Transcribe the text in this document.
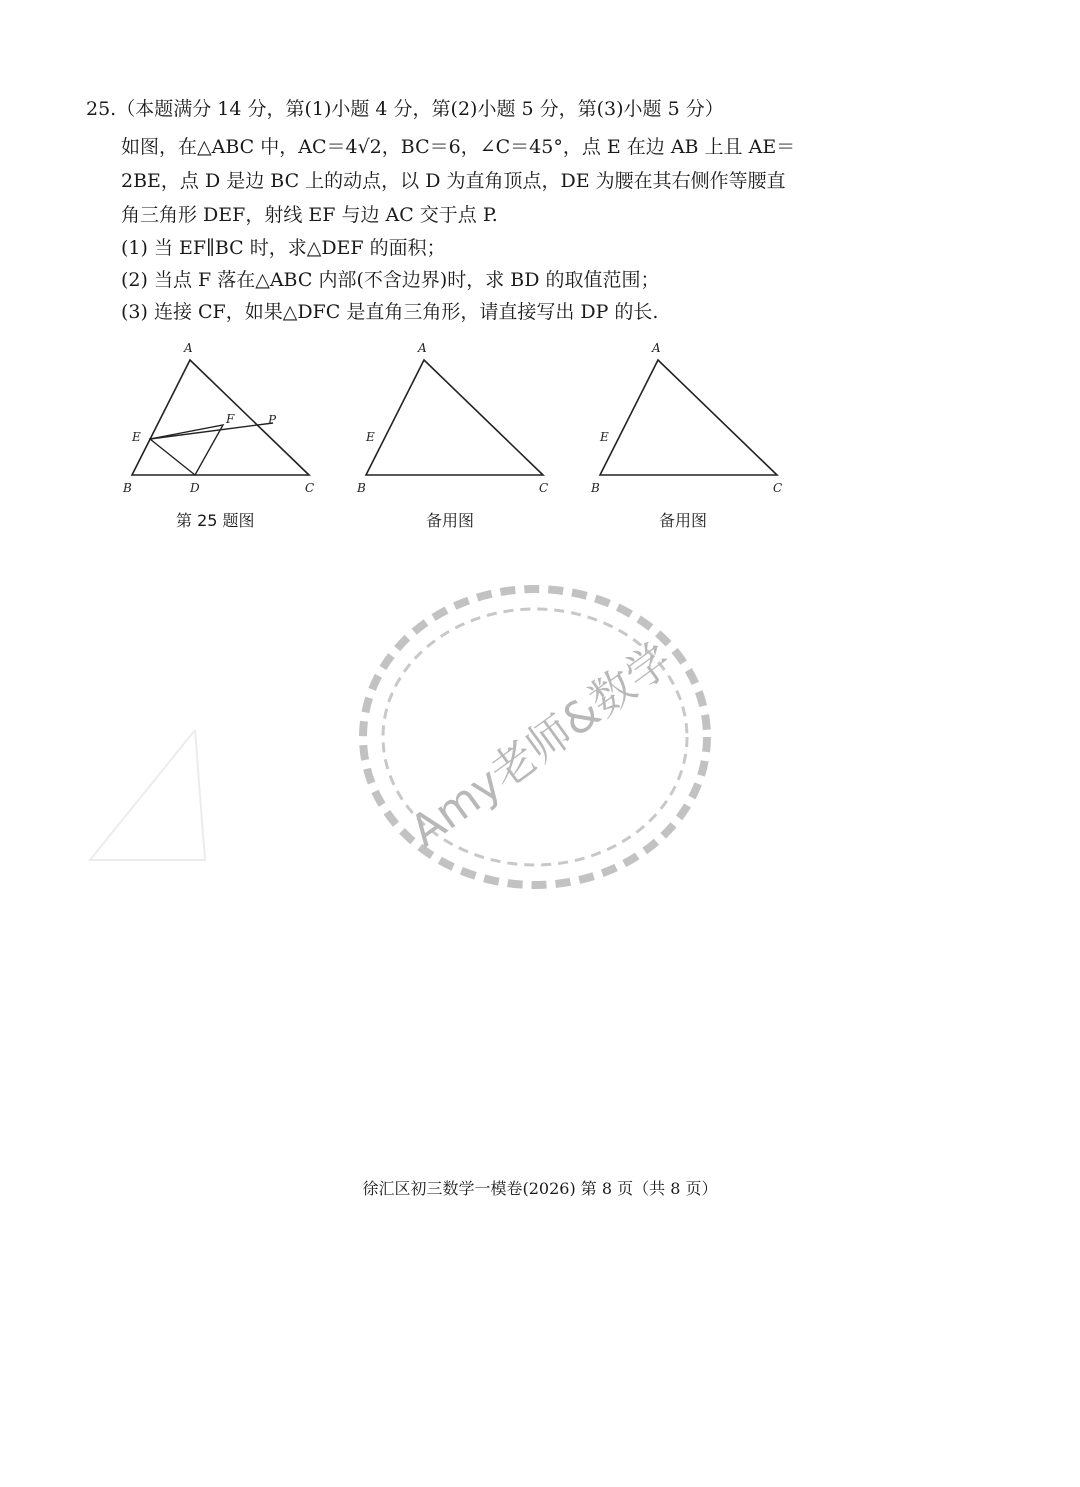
25.（本题满分 14 分，第(1)小题 4 分，第(2)小题 5 分，第(3)小题 5 分）
如图，在△ABC 中，AC＝4√2，BC＝6，∠C＝45°，点 E 在边 AB 上且 AE＝
2BE，点 D 是边 BC 上的动点，以 D 为直角顶点，DE 为腰在其右侧作等腰直
角三角形 DEF，射线 EF 与边 AC 交于点 P.
(1) 当 EF∥BC 时，求△DEF 的面积；
(2) 当点 F 落在△ABC 内部(不含边界)时，求 BD 的取值范围；
(3) 连接 CF，如果△DFC 是直角三角形，请直接写出 DP 的长.
A
B	C
D
E
F	P
第 25 题图
A
B	C
E
备用图
A
B	C
E
备用图
Amy老师&数学
徐汇区初三数学一模卷(2026) 第 8 页（共 8 页）
